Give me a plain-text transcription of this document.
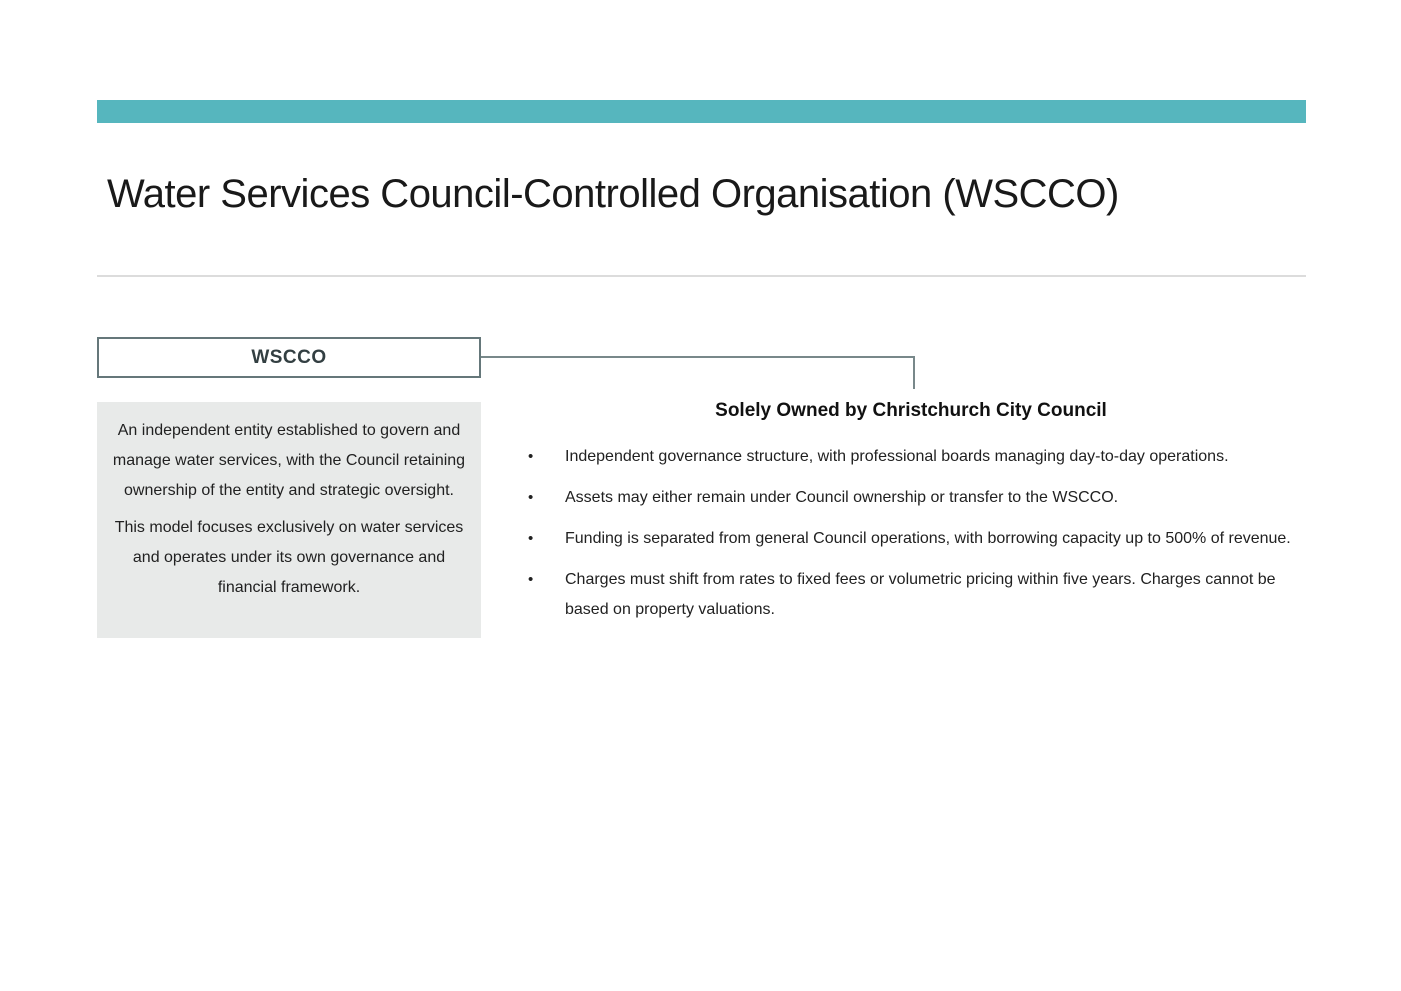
Water Services Council-Controlled Organisation (WSCCO)
WSCCO

An independent entity established to govern and manage water services, with the Council retaining ownership of the entity and strategic oversight.

This model focuses exclusively on water services and operates under its own governance and financial framework.

Solely Owned by Christchurch City Council
•	Independent governance structure, with professional boards managing day-to-day operations.
•	Assets may either remain under Council ownership or transfer to the WSCCO.
•	Funding is separated from general Council operations, with borrowing capacity up to 500% of revenue.
•	Charges must shift from rates to fixed fees or volumetric pricing within five years. Charges cannot be based on property valuations.
